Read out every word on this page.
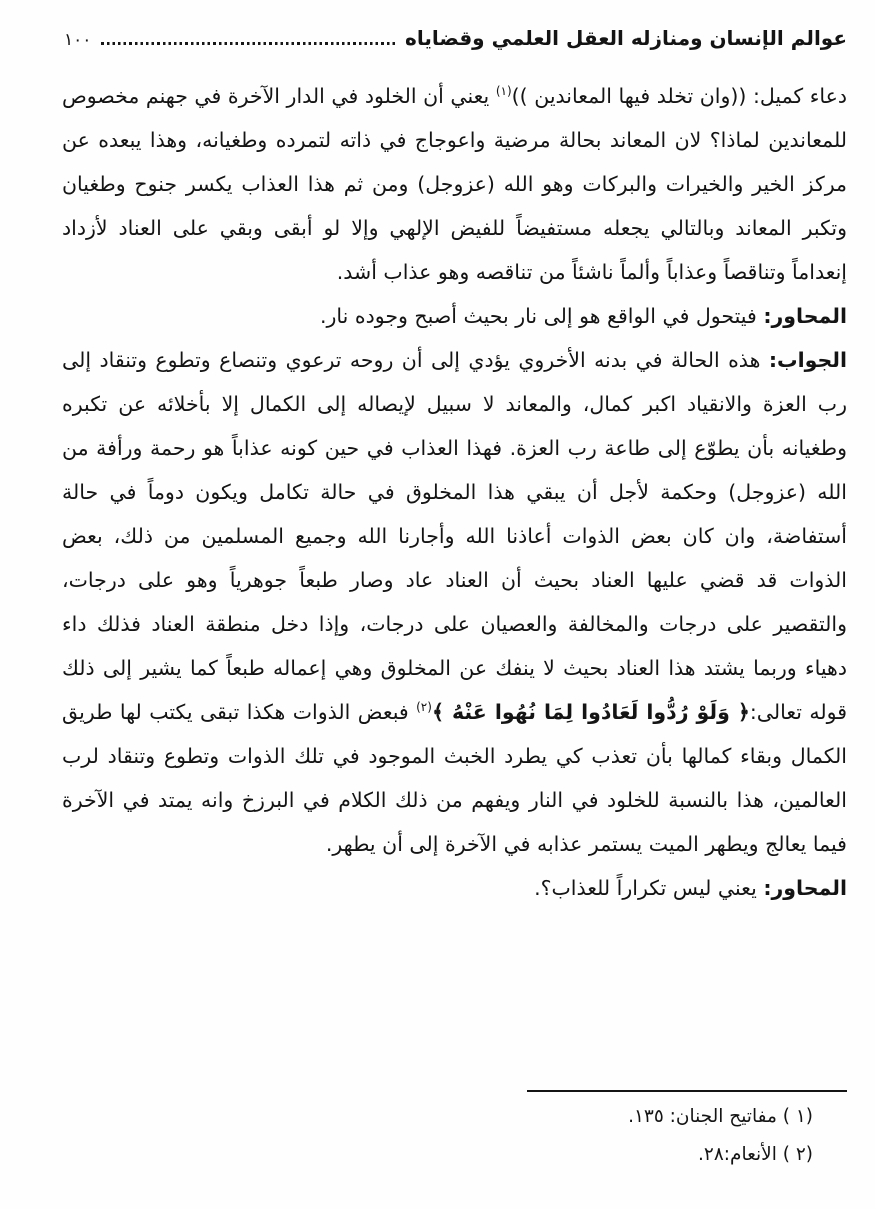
عوالم الإنسان ومنازله العقل العلمي وقضاياه
١٠٠

دعاء كميل: ((وان تخلد فيها المعاندين ))$^{(١)}$ يعني أن الخلود في الدار الآخرة في جهنم مخصوص للمعاندين لماذا؟ لان المعاند بحالة مرضية واعوجاج في ذاته لتمرده وطغيانه، وهذا يبعده عن مركز الخير والخيرات والبركات وهو الله (عزوجل) ومن ثم هذا العذاب يكسر جنوح وطغيان وتكبر المعاند وبالتالي يجعله مستفيضاً للفيض الإلهي وإلا لو أبقى وبقي على العناد لأزداد إنعداماً وتناقصاً وعذاباً وألماً ناشئاً من تناقصه وهو عذاب أشد.

المحاور: فيتحول في الواقع هو إلى نار بحيث أصبح وجوده نار.

الجواب: هذه الحالة في بدنه الأخروي يؤدي إلى أن روحه ترعوي وتنصاع وتطوع وتنقاد إلى رب العزة والانقياد اكبر كمال، والمعاند لا سبيل لإيصاله إلى الكمال إلا بأخلائه عن تكبره وطغيانه بأن يطوّع إلى طاعة رب العزة. فهذا العذاب في حين كونه عذاباً هو رحمة ورأفة من الله (عزوجل) وحكمة لأجل أن يبقي هذا المخلوق في حالة تكامل ويكون دوماً في حالة أستفاضة، وان كان بعض الذوات أعاذنا الله وأجارنا الله وجميع المسلمين من ذلك، بعض الذوات قد قضي عليها العناد بحيث أن العناد عاد وصار طبعاً جوهرياً وهو على درجات، والتقصير على درجات والمخالفة والعصيان على درجات، وإذا دخل منطقة العناد فذلك داء دهياء وربما يشتد هذا العناد بحيث لا ينفك عن المخلوق وهي إعماله طبعاً كما يشير إلى ذلك قوله تعالى:﴿ وَلَوْ رُدُّوا لَعَادُوا لِمَا نُهُوا عَنْهُ ﴾$^{(٢)}$ فبعض الذوات هكذا تبقى يكتب لها طريق الكمال وبقاء كمالها بأن تعذب كي يطرد الخبث الموجود في تلك الذوات وتطوع وتنقاد لرب العالمين، هذا بالنسبة للخلود في النار ويفهم من ذلك الكلام في البرزخ وانه يمتد في الآخرة فيما يعالج ويطهر الميت يستمر عذابه في الآخرة إلى أن يطهر.

المحاور: يعني ليس تكراراً للعذاب؟.

(١ ) مفاتيح الجنان: ١٣٥.
(٢ ) الأنعام:٢٨.
